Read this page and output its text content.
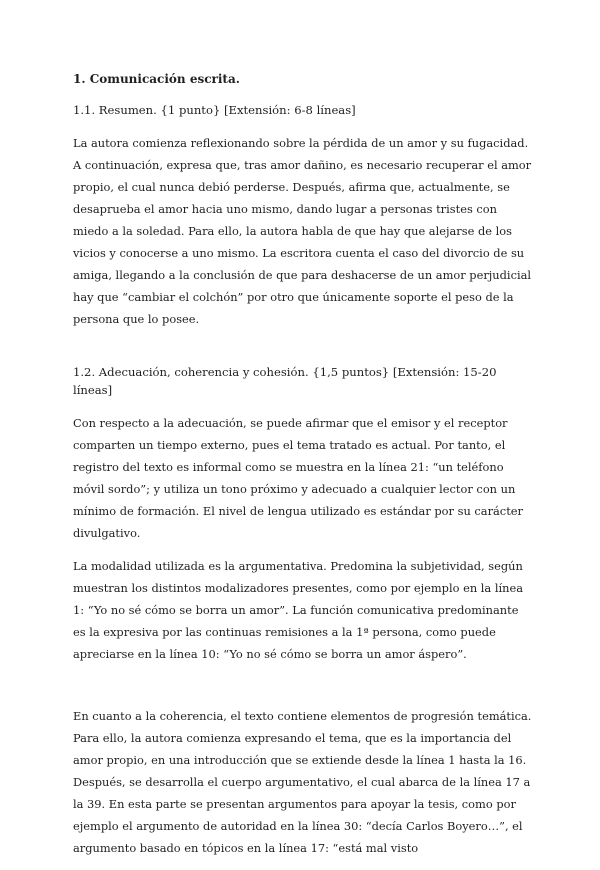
1. Comunicación escrita.
1.1. Resumen. {1 punto} [Extensión: 6-8 líneas]

La autora comienza reflexionando sobre la pérdida de un amor y su fugacidad. A continuación, expresa que, tras amor dañino, es necesario recuperar el amor propio, el cual nunca debió perderse. Después, afirma que, actualmente, se desaprueba el amor hacia uno mismo, dando lugar a personas tristes con miedo a la soledad. Para ello, la autora habla de que hay que alejarse de los vicios y conocerse a uno mismo. La escritora cuenta el caso del divorcio de su amiga, llegando a la conclusión de que para deshacerse de un amor perjudicial hay que “cambiar el colchón” por otro que únicamente soporte el peso de la persona que lo posee.

1.2. Adecuación, coherencia y cohesión. {1,5 puntos} [Extensión: 15-20 líneas]

Con respecto a la adecuación, se puede afirmar que el emisor y el receptor comparten un tiempo externo, pues el tema tratado es actual. Por tanto, el registro del texto es informal como se muestra en la línea 21: “un teléfono móvil sordo”; y utiliza un tono próximo y adecuado a cualquier lector con un mínimo de formación. El nivel de lengua utilizado es estándar por su carácter divulgativo.

La modalidad utilizada es la argumentativa. Predomina la subjetividad, según muestran los distintos modalizadores presentes, como por ejemplo en la línea 1: “Yo no sé cómo se borra un amor”. La función comunicativa predominante es la expresiva por las continuas remisiones a la 1ª persona, como puede apreciarse en la línea 10: “Yo no sé cómo se borra un amor áspero”.

En cuanto a la coherencia, el texto contiene elementos de progresión temática. Para ello, la autora comienza expresando el tema, que es la importancia del amor propio, en una introducción que se extiende desde la línea 1 hasta la 16. Después, se desarrolla el cuerpo argumentativo, el cual abarca de la línea 17 a la 39. En esta parte se presentan argumentos para apoyar la tesis, como por ejemplo el argumento de autoridad en la línea 30: “decía Carlos Boyero…”, el argumento basado en tópicos en la línea 17: “está mal visto
